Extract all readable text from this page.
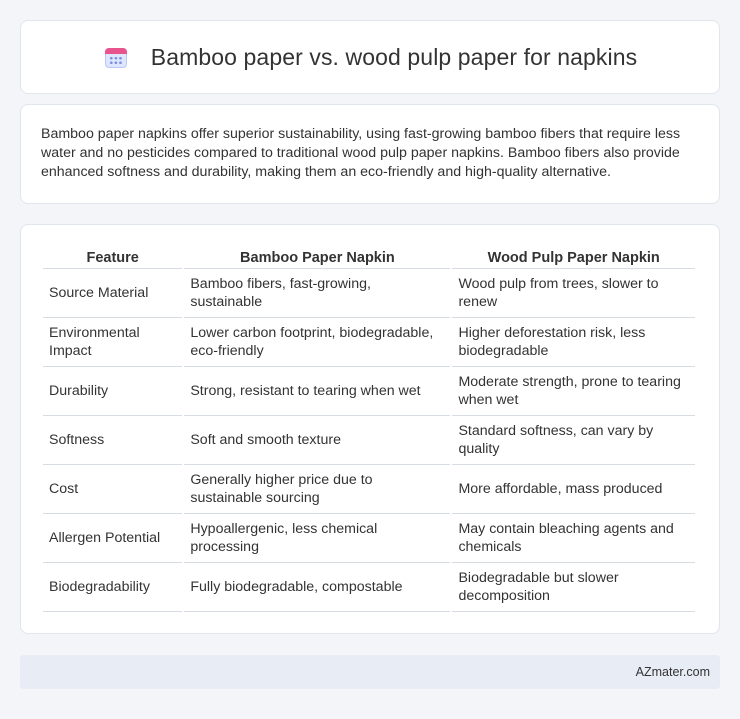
Bamboo paper vs. wood pulp paper for napkins

Bamboo paper napkins offer superior sustainability, using fast-growing bamboo fibers that require less water and no pesticides compared to traditional wood pulp paper napkins. Bamboo fibers also provide enhanced softness and durability, making them an eco-friendly and high-quality alternative.

Feature	Bamboo Paper Napkin	Wood Pulp Paper Napkin
Source Material	Bamboo fibers, fast-growing, sustainable	Wood pulp from trees, slower to renew
Environmental Impact	Lower carbon footprint, biodegradable, eco-friendly	Higher deforestation risk, less biodegradable
Durability	Strong, resistant to tearing when wet	Moderate strength, prone to tearing when wet
Softness	Soft and smooth texture	Standard softness, can vary by quality
Cost	Generally higher price due to sustainable sourcing	More affordable, mass produced
Allergen Potential	Hypoallergenic, less chemical processing	May contain bleaching agents and chemicals
Biodegradability	Fully biodegradable, compostable	Biodegradable but slower decomposition
AZmater.com
